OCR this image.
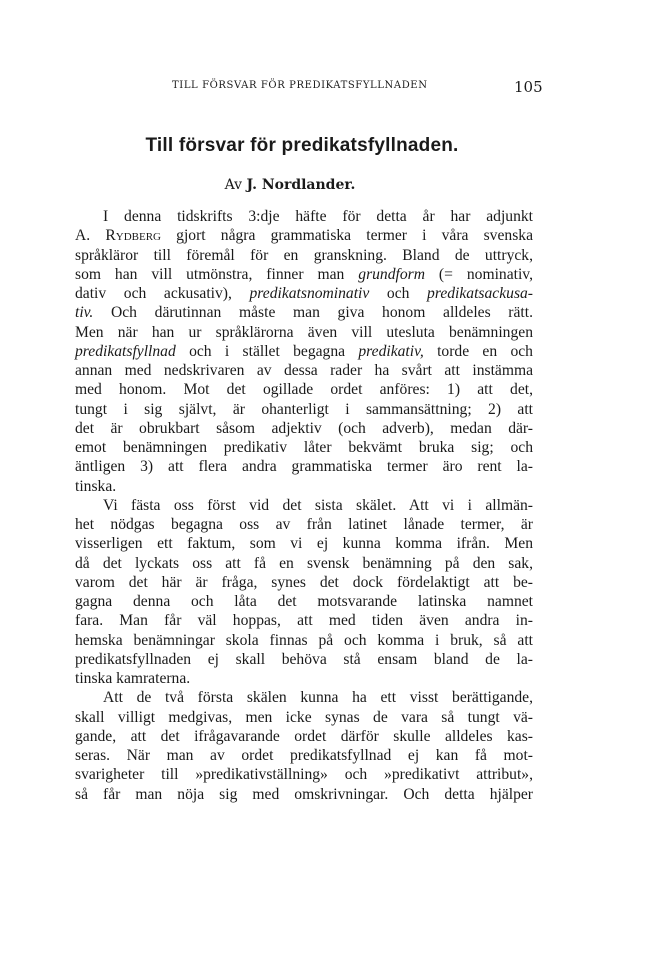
TILL FÖRSVAR FÖR PREDIKATSFYLLNADEN	105
Till försvar för predikatsfyllnaden.
Av J. Nordlander.
I denna tidskrifts 3:dje häfte för detta år har adjunkt
A. Rydberg gjort några grammatiska termer i våra svenska
språkläror till föremål för en granskning. Bland de uttryck,
som han vill utmönstra, finner man grundform (= nominativ,
dativ och ackusativ), predikatsnominativ och predikatsackusa-
tiv. Och därutinnan måste man giva honom alldeles rätt.
Men när han ur språklärorna även vill utesluta benämningen
predikatsfyllnad och i stället begagna predikativ, torde en och
annan med nedskrivaren av dessa rader ha svårt att instämma
med honom. Mot det ogillade ordet anföres: 1) att det,
tungt i sig självt, är ohanterligt i sammansättning; 2) att
det är obrukbart såsom adjektiv (och adverb), medan där-
emot benämningen predikativ låter bekvämt bruka sig; och
äntligen 3) att flera andra grammatiska termer äro rent la-
tinska.
Vi fästa oss först vid det sista skälet. Att vi i allmän-
het nödgas begagna oss av från latinet lånade termer, är
visserligen ett faktum, som vi ej kunna komma ifrån. Men
då det lyckats oss att få en svensk benämning på den sak,
varom det här är fråga, synes det dock fördelaktigt att be-
gagna denna och låta det motsvarande latinska namnet
fara. Man får väl hoppas, att med tiden även andra in-
hemska benämningar skola finnas på och komma i bruk, så att
predikatsfyllnaden ej skall behöva stå ensam bland de la-
tinska kamraterna.
Att de två första skälen kunna ha ett visst berättigande,
skall villigt medgivas, men icke synas de vara så tungt vä-
gande, att det ifrågavarande ordet därför skulle alldeles kas-
seras. När man av ordet predikatsfyllnad ej kan få mot-
svarigheter till »predikativställning» och »predikativt attribut»,
så får man nöja sig med omskrivningar. Och detta hjälper
